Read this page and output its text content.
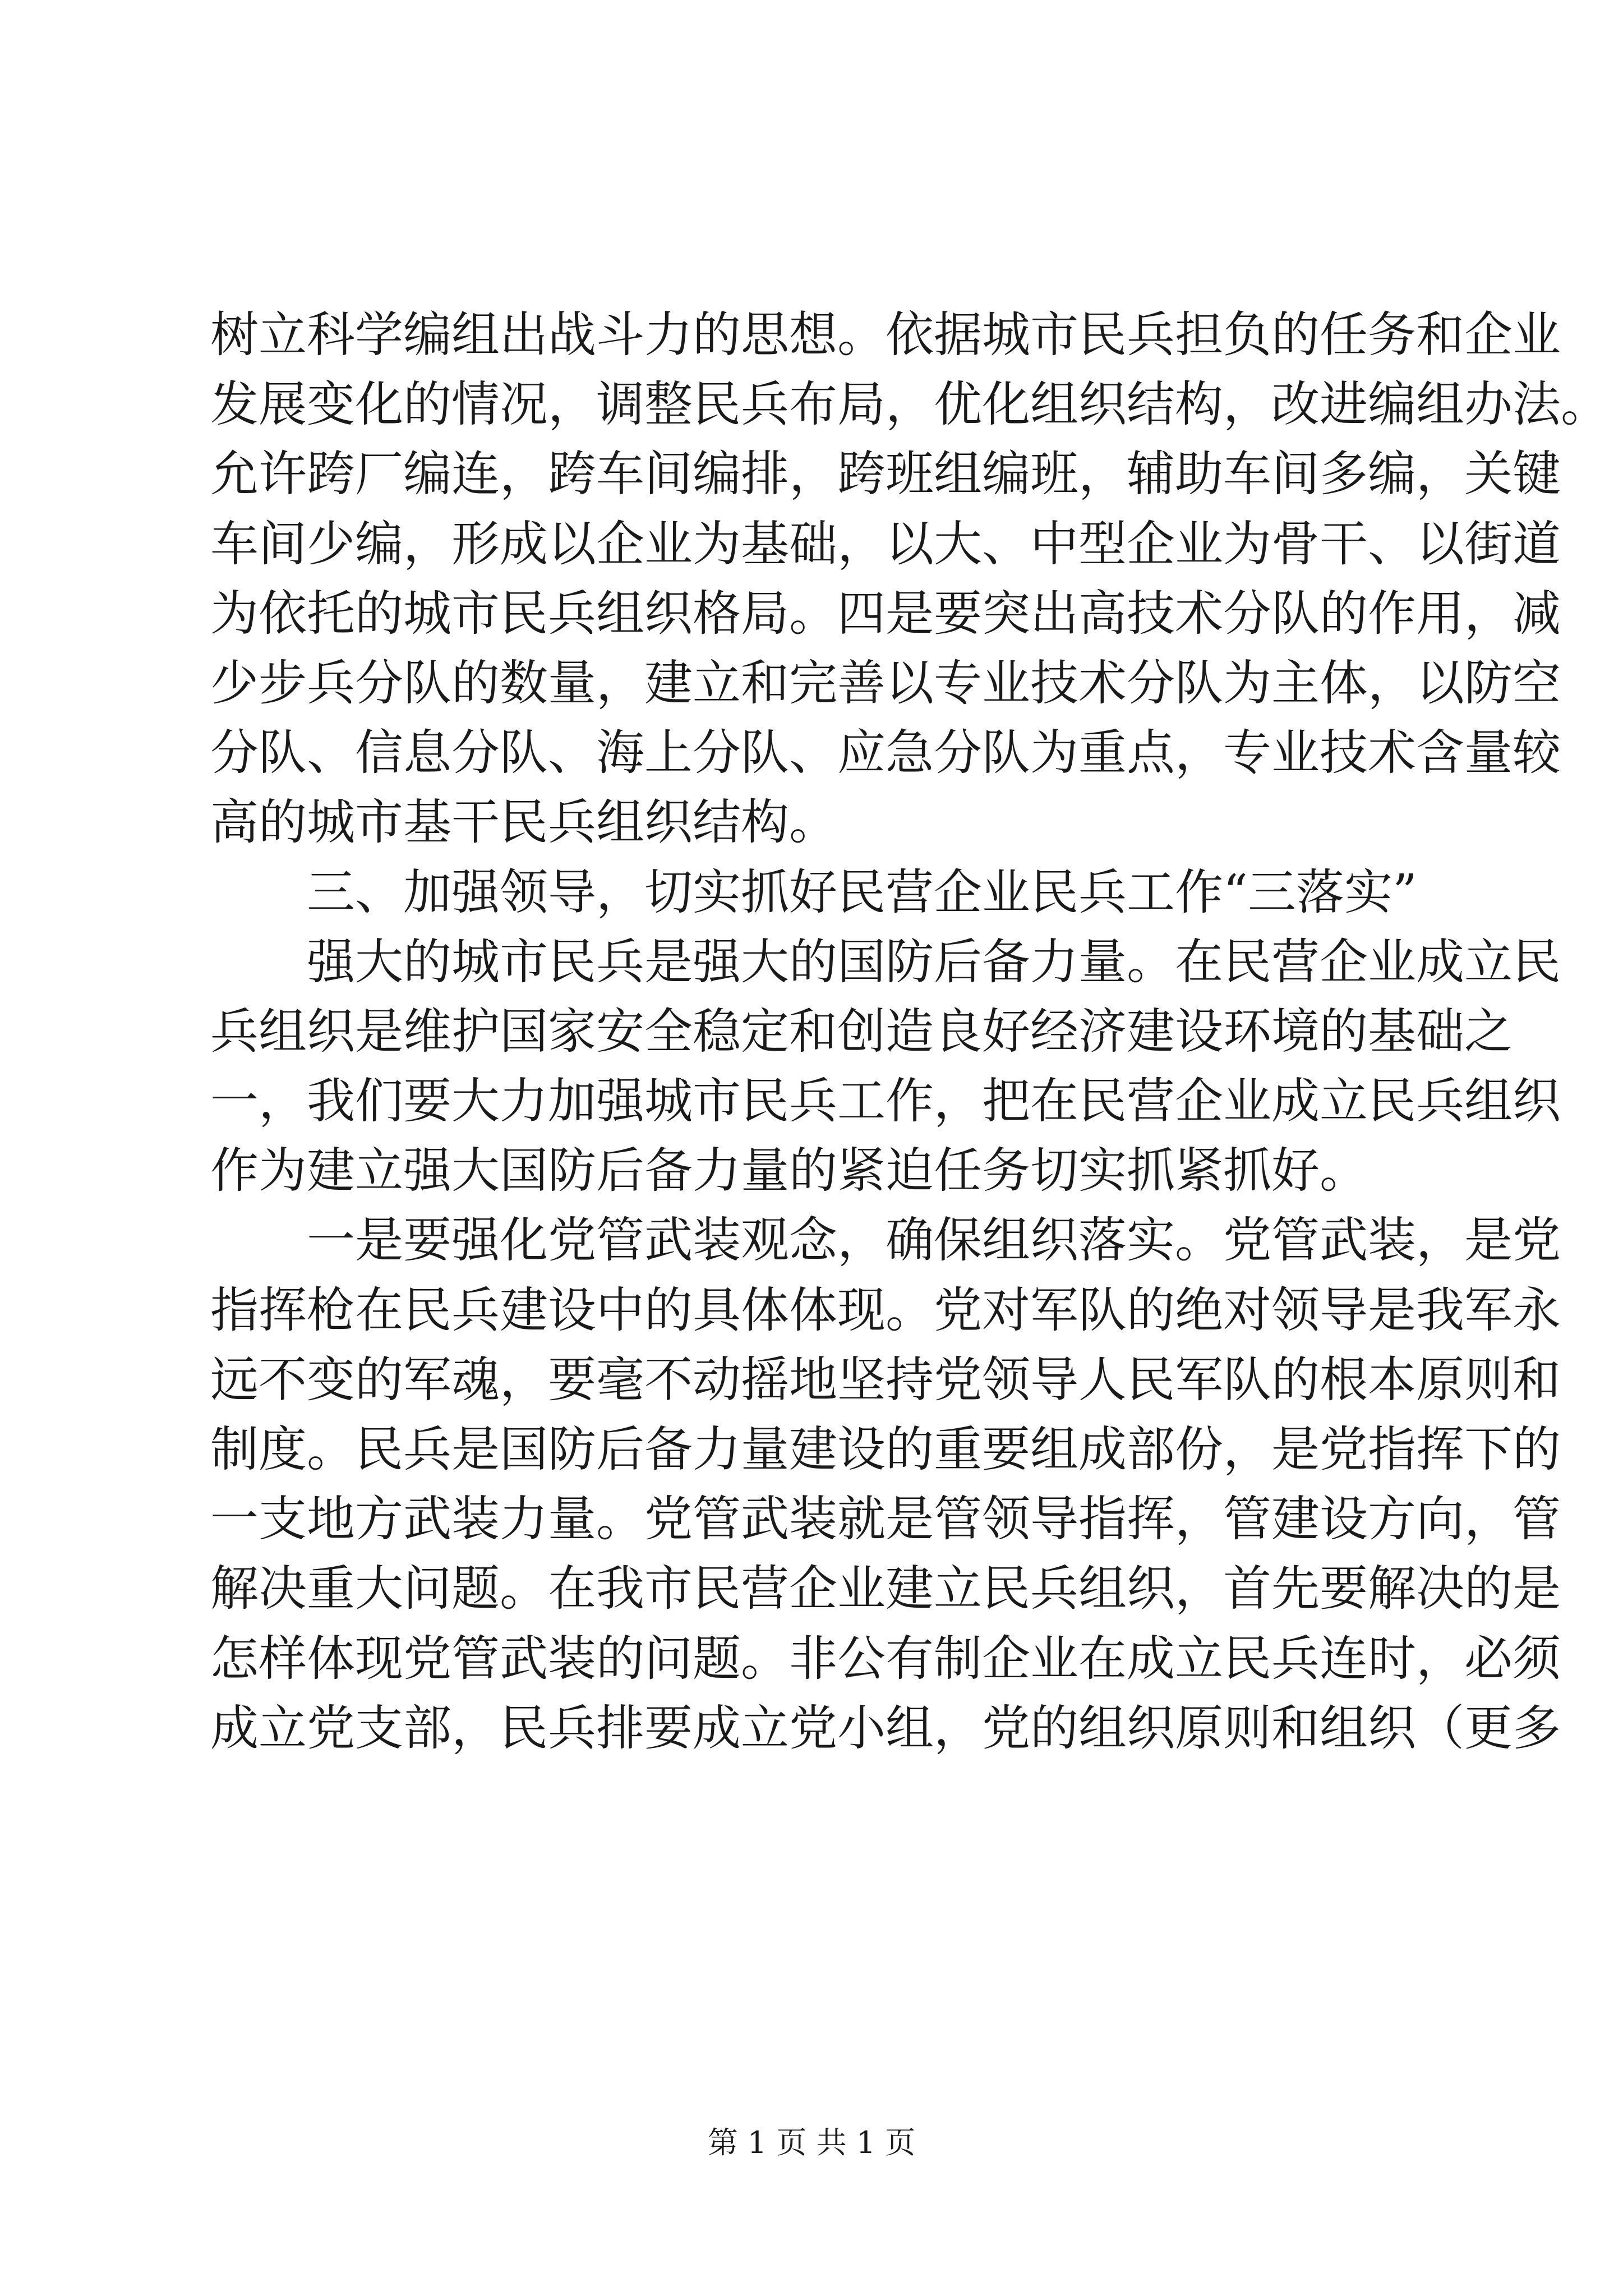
树立科学编组出战斗力的思想。依据城市民兵担负的任务和企业
发展变化的情况，调整民兵布局，优化组织结构，改进编组办法。
允许跨厂编连，跨车间编排，跨班组编班，辅助车间多编，关键
车间少编，形成以企业为基础，以大、中型企业为骨干、以街道
为依托的城市民兵组织格局。四是要突出高技术分队的作用，减
少步兵分队的数量，建立和完善以专业技术分队为主体，以防空
分队、信息分队、海上分队、应急分队为重点，专业技术含量较
高的城市基干民兵组织结构。
　　三、加强领导，切实抓好民营企业民兵工作“三落实”
　　强大的城市民兵是强大的国防后备力量。在民营企业成立民
兵组织是维护国家安全稳定和创造良好经济建设环境的基础之
一，我们要大力加强城市民兵工作，把在民营企业成立民兵组织
作为建立强大国防后备力量的紧迫任务切实抓紧抓好。
　　一是要强化党管武装观念，确保组织落实。党管武装，是党
指挥枪在民兵建设中的具体体现。党对军队的绝对领导是我军永
远不变的军魂，要毫不动摇地坚持党领导人民军队的根本原则和
制度。民兵是国防后备力量建设的重要组成部份，是党指挥下的
一支地方武装力量。党管武装就是管领导指挥，管建设方向，管
解决重大问题。在我市民营企业建立民兵组织，首先要解决的是
怎样体现党管武装的问题。非公有制企业在成立民兵连时，必须
成立党支部，民兵排要成立党小组，党的组织原则和组织（更多
第 1 页 共 1 页
